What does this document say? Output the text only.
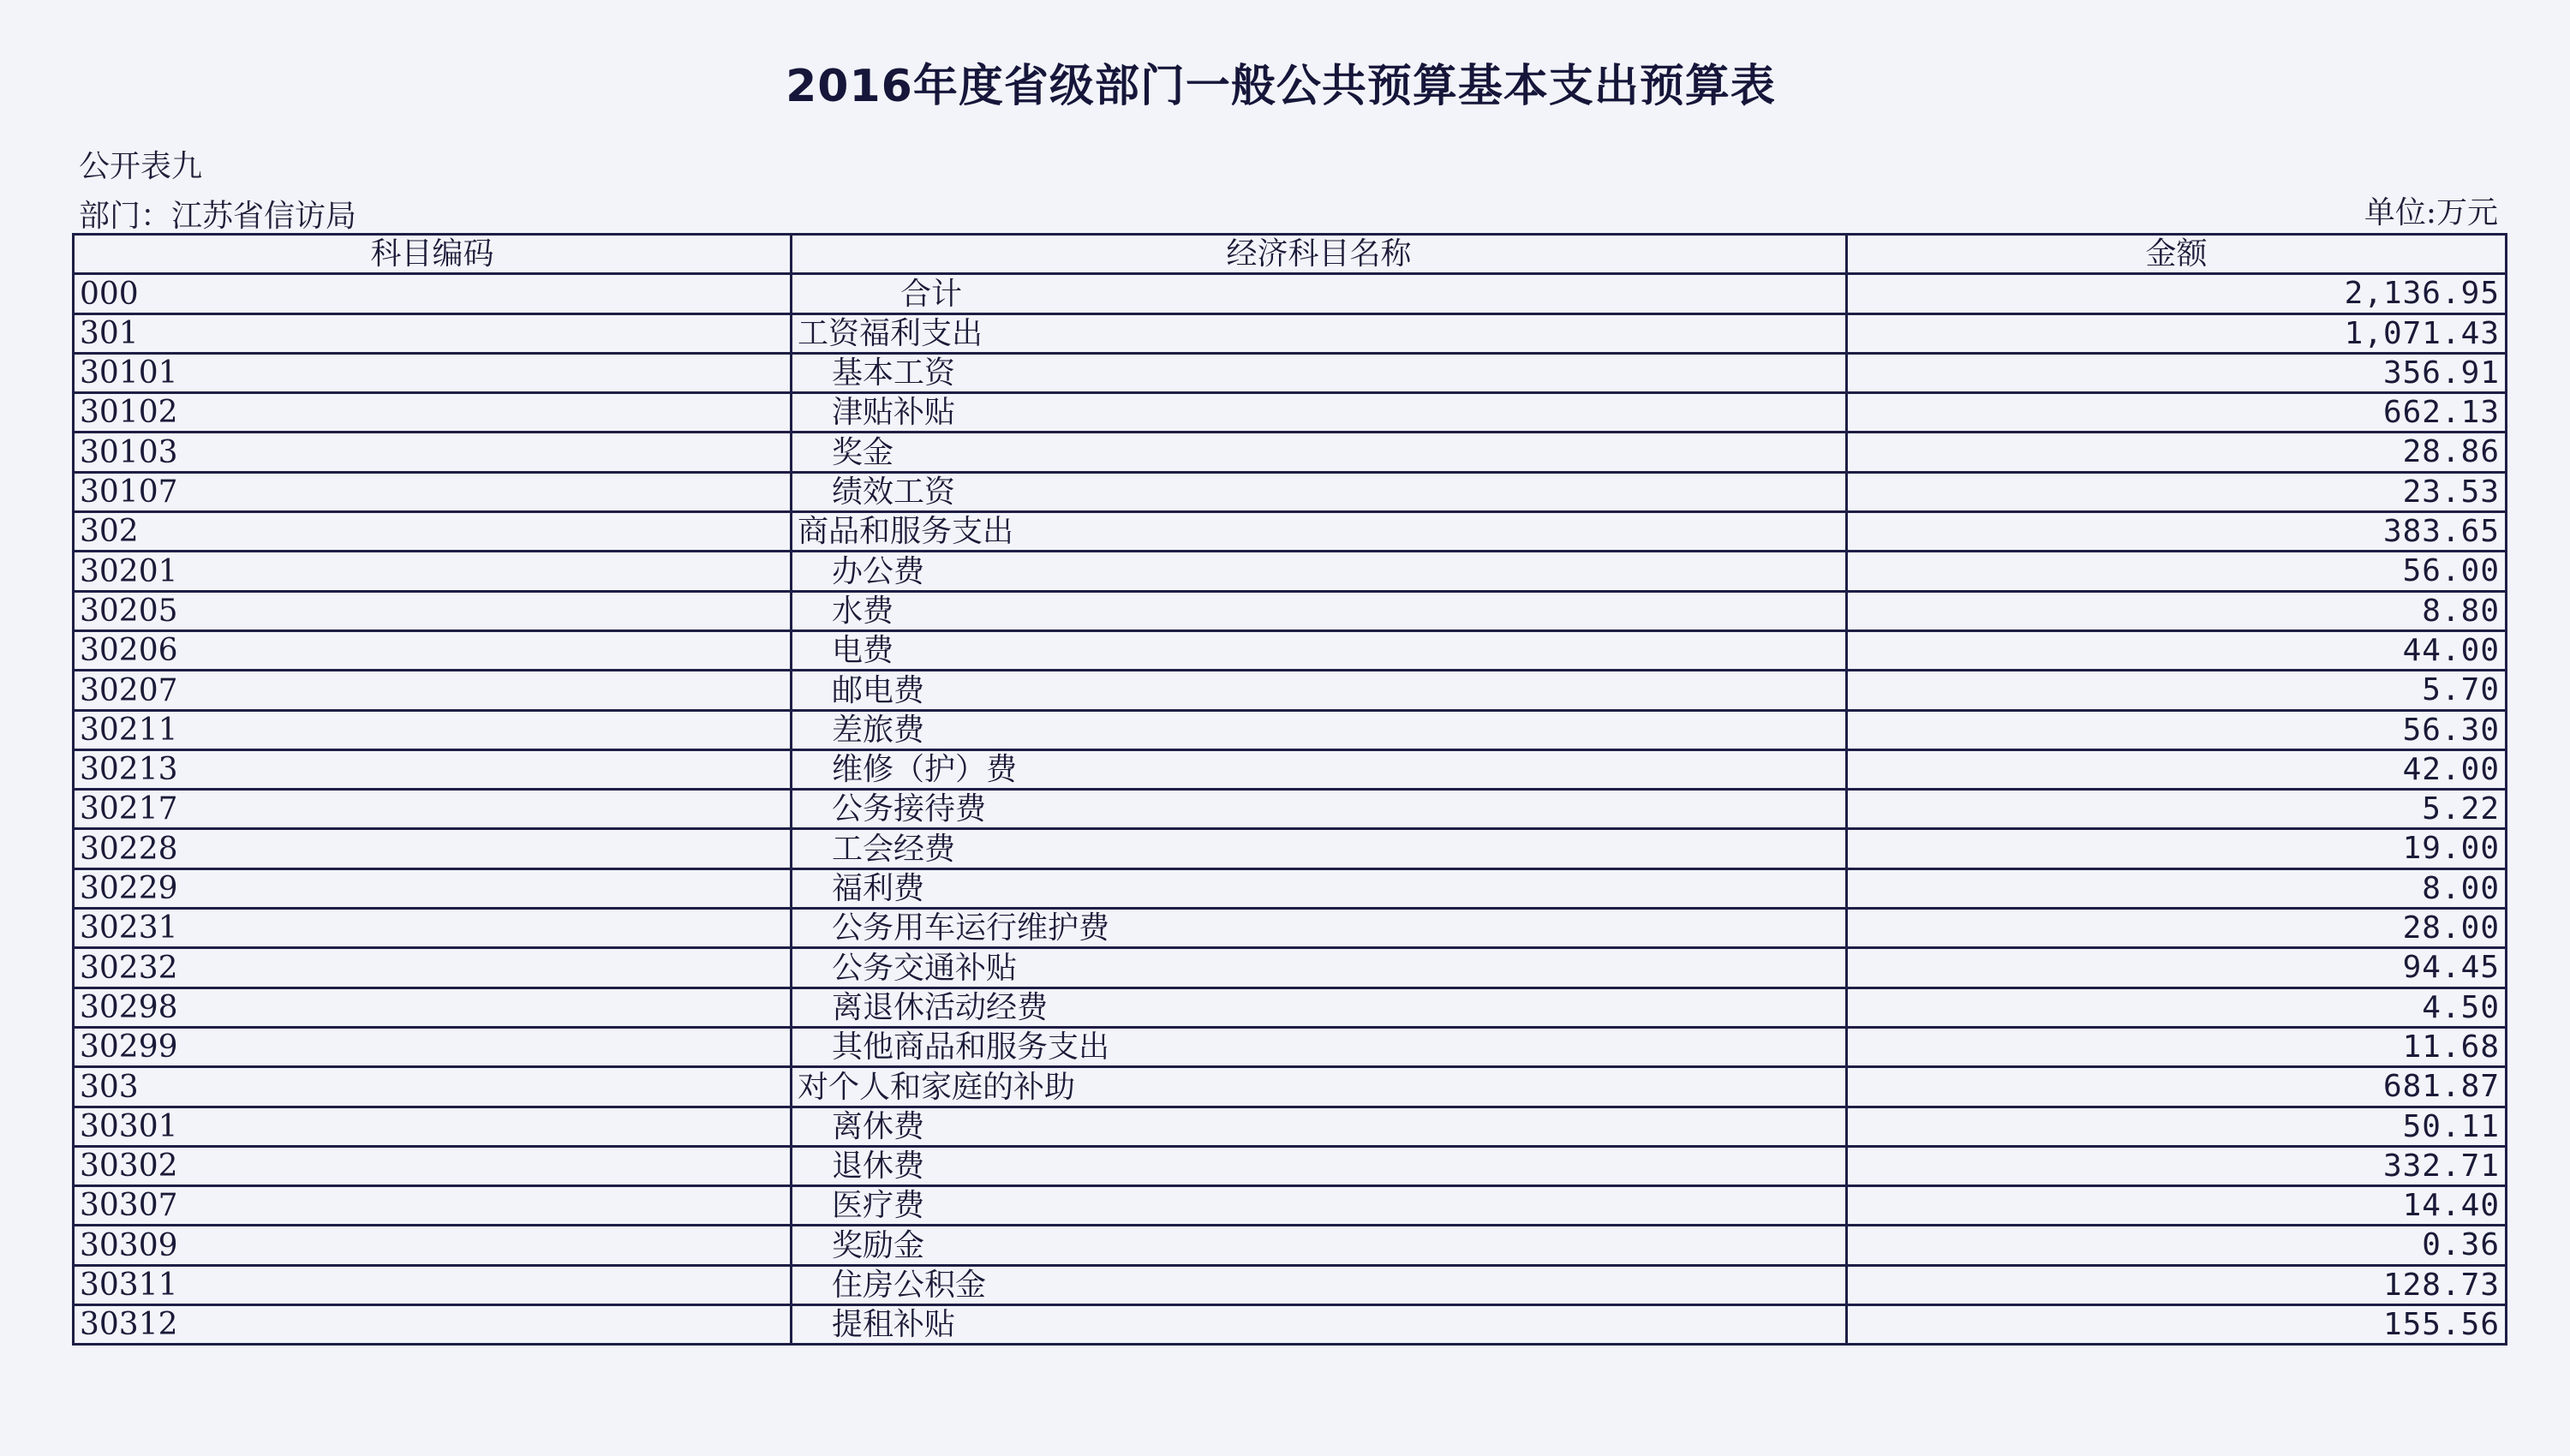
2016年度省级部门一般公共预算基本支出预算表
公开表九
部门：江苏省信访局	单位:万元
科目编码	经济科目名称	金额
000	合计	2,136.95
301	工资福利支出	1,071.43
30101	基本工资	356.91
30102	津贴补贴	662.13
30103	奖金	28.86
30107	绩效工资	23.53
302	商品和服务支出	383.65
30201	办公费	56.00
30205	水费	8.80
30206	电费	44.00
30207	邮电费	5.70
30211	差旅费	56.30
30213	维修（护）费	42.00
30217	公务接待费	5.22
30228	工会经费	19.00
30229	福利费	8.00
30231	公务用车运行维护费	28.00
30232	公务交通补贴	94.45
30298	离退休活动经费	4.50
30299	其他商品和服务支出	11.68
303	对个人和家庭的补助	681.87
30301	离休费	50.11
30302	退休费	332.71
30307	医疗费	14.40
30309	奖励金	0.36
30311	住房公积金	128.73
30312	提租补贴	155.56
